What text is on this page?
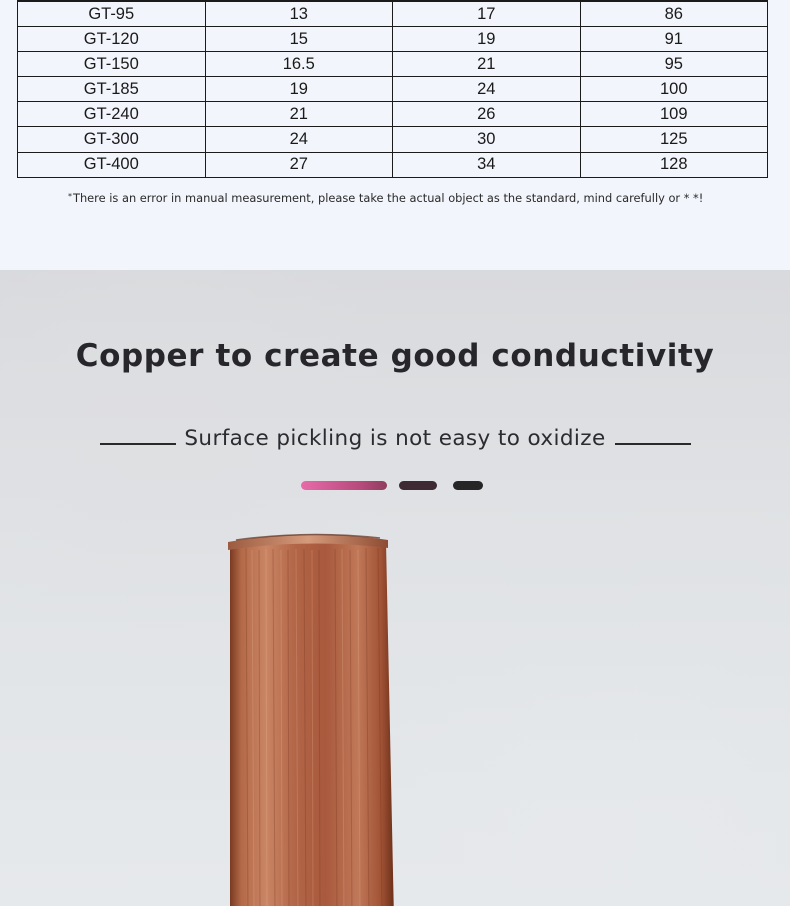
GT-95	13	17	86
GT-120	15	19	91
GT-150	16.5	21	95
GT-185	19	24	100
GT-240	21	26	109
GT-300	24	30	125
GT-400	27	34	128
*There is an error in manual measurement, please take the actual object as the standard, mind carefully or * *!
Copper to create good conductivity
Surface pickling is not easy to oxidize
